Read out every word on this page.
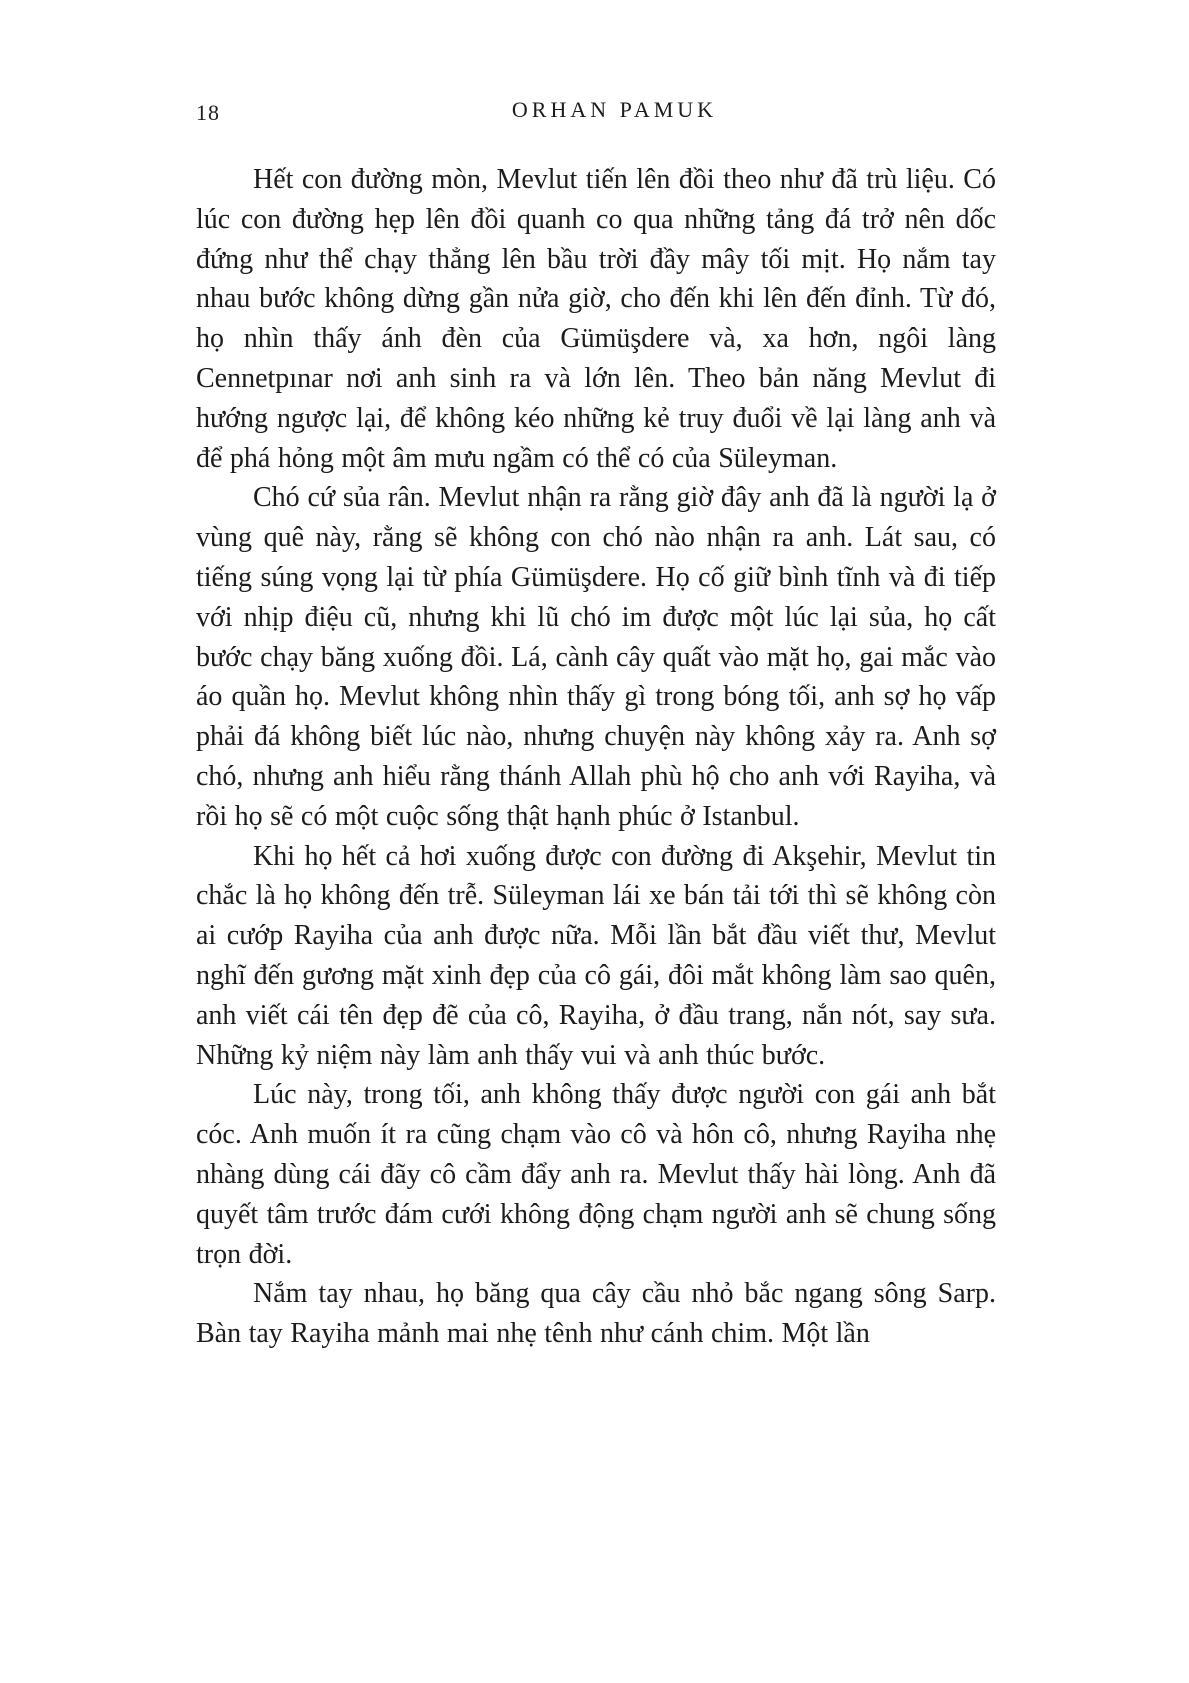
18	ORHAN PAMUK

Hết con đường mòn, Mevlut tiến lên đồi theo như đã trù liệu. Có lúc con đường hẹp lên đồi quanh co qua những tảng đá trở nên dốc đứng như thể chạy thẳng lên bầu trời đầy mây tối mịt. Họ nắm tay nhau bước không dừng gần nửa giờ, cho đến khi lên đến đỉnh. Từ đó, họ nhìn thấy ánh đèn của Gümüşdere và, xa hơn, ngôi làng Cennetpınar nơi anh sinh ra và lớn lên. Theo bản năng Mevlut đi hướng ngược lại, để không kéo những kẻ truy đuổi về lại làng anh và để phá hỏng một âm mưu ngầm có thể có của Süleyman.

Chó cứ sủa rân. Mevlut nhận ra rằng giờ đây anh đã là người lạ ở vùng quê này, rằng sẽ không con chó nào nhận ra anh. Lát sau, có tiếng súng vọng lại từ phía Gümüşdere. Họ cố giữ bình tĩnh và đi tiếp với nhịp điệu cũ, nhưng khi lũ chó im được một lúc lại sủa, họ cất bước chạy băng xuống đồi. Lá, cành cây quất vào mặt họ, gai mắc vào áo quần họ. Mevlut không nhìn thấy gì trong bóng tối, anh sợ họ vấp phải đá không biết lúc nào, nhưng chuyện này không xảy ra. Anh sợ chó, nhưng anh hiểu rằng thánh Allah phù hộ cho anh với Rayiha, và rồi họ sẽ có một cuộc sống thật hạnh phúc ở Istanbul.

Khi họ hết cả hơi xuống được con đường đi Akşehir, Mevlut tin chắc là họ không đến trễ. Süleyman lái xe bán tải tới thì sẽ không còn ai cướp Rayiha của anh được nữa. Mỗi lần bắt đầu viết thư, Mevlut nghĩ đến gương mặt xinh đẹp của cô gái, đôi mắt không làm sao quên, anh viết cái tên đẹp đẽ của cô, Rayiha, ở đầu trang, nắn nót, say sưa. Những kỷ niệm này làm anh thấy vui và anh thúc bước.

Lúc này, trong tối, anh không thấy được người con gái anh bắt cóc. Anh muốn ít ra cũng chạm vào cô và hôn cô, nhưng Rayiha nhẹ nhàng dùng cái đãy cô cầm đẩy anh ra. Mevlut thấy hài lòng. Anh đã quyết tâm trước đám cưới không động chạm người anh sẽ chung sống trọn đời.

Nắm tay nhau, họ băng qua cây cầu nhỏ bắc ngang sông Sarp. Bàn tay Rayiha mảnh mai nhẹ tênh như cánh chim. Một lần
